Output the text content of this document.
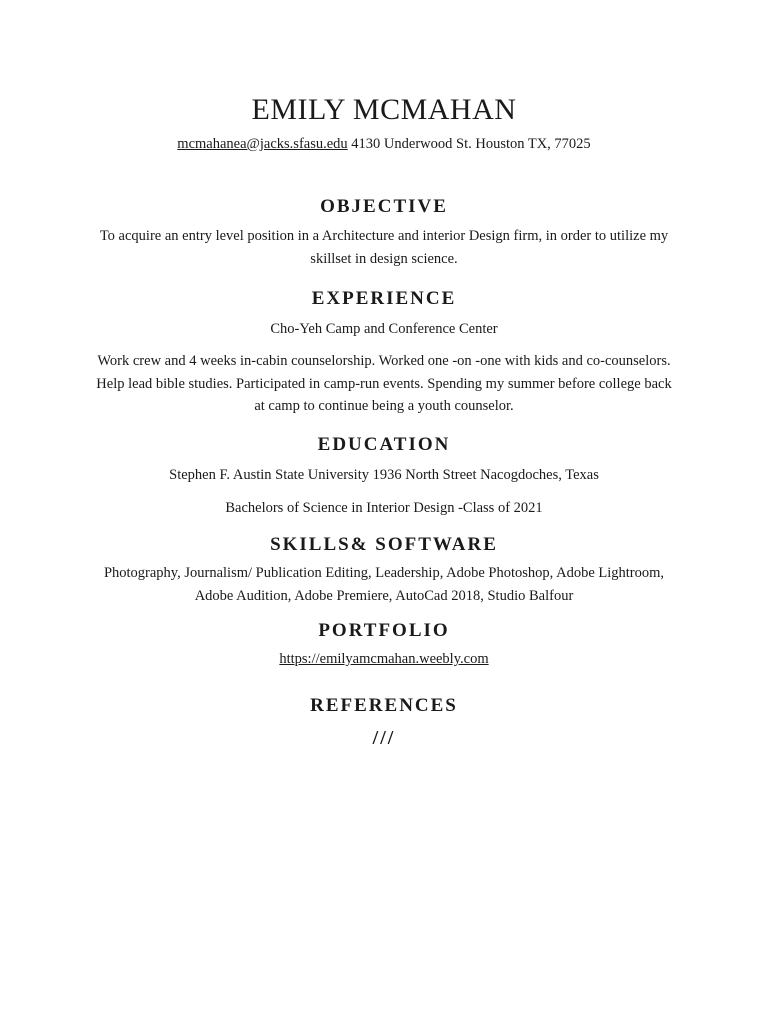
EMILY MCMAHAN
mcmahanea@jacks.sfasu.edu 4130 Underwood St. Houston TX, 77025
OBJECTIVE
To acquire an entry level position in a Architecture and interior Design firm, in order to utilize my skillset in design science.
EXPERIENCE
Cho-Yeh Camp and Conference Center
Work crew and 4 weeks in-cabin counselorship. Worked one -on -one with kids and co-counselors. Help lead bible studies. Participated in camp-run events. Spending my summer before college back at camp to continue being a youth counselor.
EDUCATION
Stephen F. Austin State University 1936 North Street Nacogdoches, Texas
Bachelors of Science in Interior Design -Class of 2021
SKILLS& SOFTWARE
Photography, Journalism/ Publication Editing, Leadership, Adobe Photoshop, Adobe Lightroom, Adobe Audition, Adobe Premiere, AutoCad 2018, Studio Balfour
PORTFOLIO
https://emilyamcmahan.weebly.com
REFERENCES
///
